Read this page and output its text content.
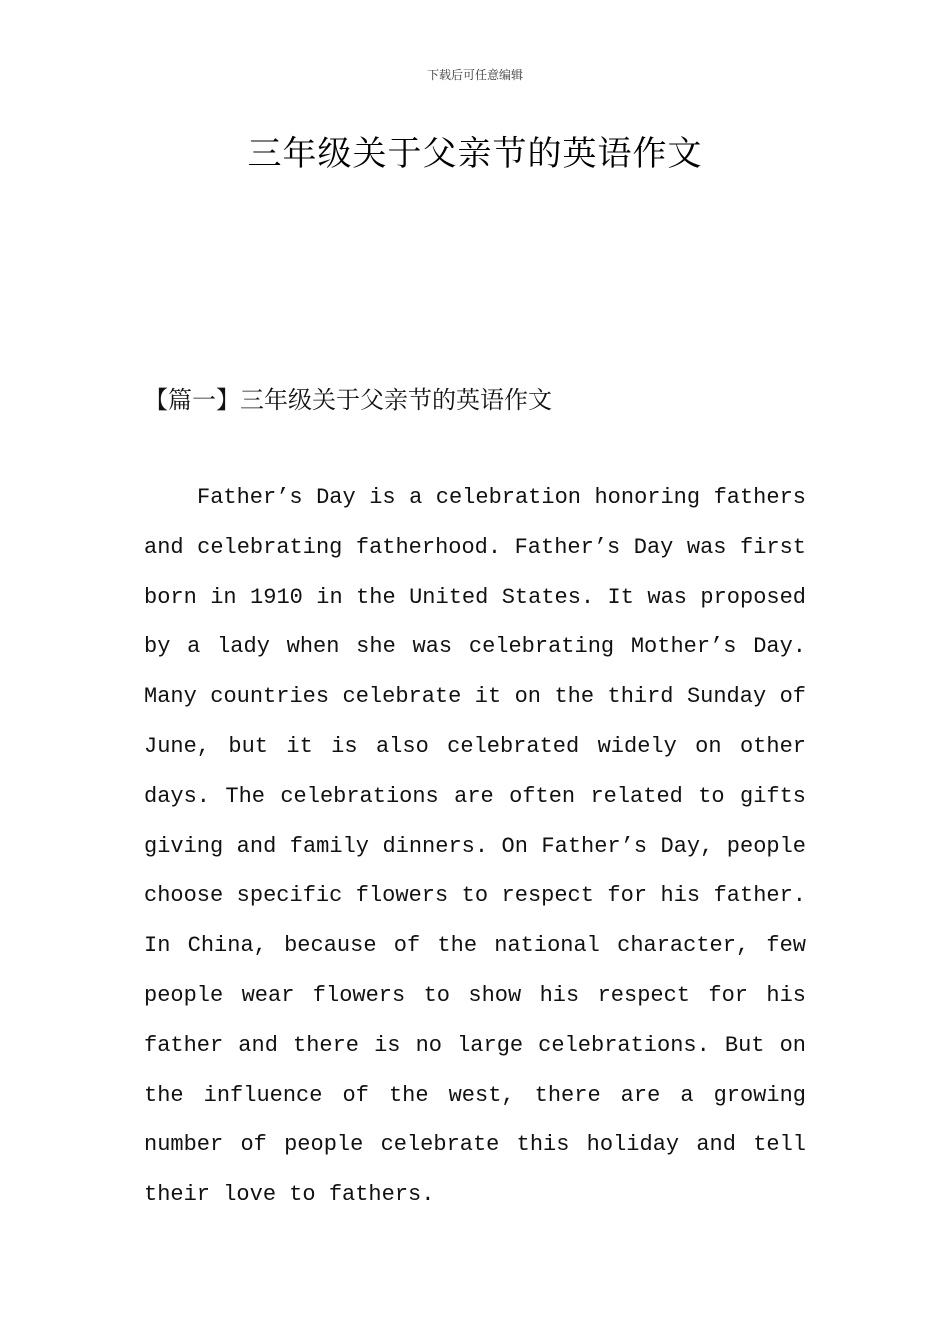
下载后可任意编辑
三年级关于父亲节的英语作文
【篇一】三年级关于父亲节的英语作文

Father’s Day is a celebration honoring fathers and celebrating fatherhood. Father’s Day was first born in 1910 in the United States. It was proposed by a lady when she was celebrating Mother’s Day. Many countries celebrate it on the third Sunday of June, but it is also celebrated widely on other days. The celebrations are often related to gifts giving and family dinners. On Father’s Day, people choose specific flowers to respect for his father. In China, because of the national character, few people wear flowers to show his respect for his father and there is no large celebrations. But on the influence of the west, there are a growing number of people celebrate this holiday and tell their love to fathers.
